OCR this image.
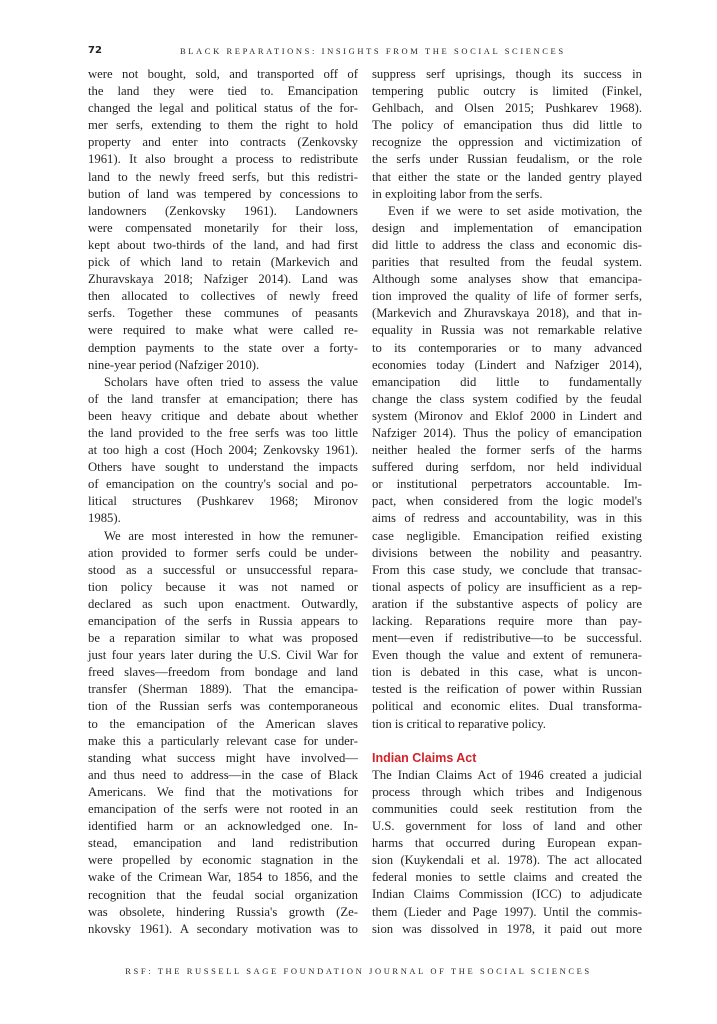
72	BLACK REPARATIONS: INSIGHTS FROM THE SOCIAL SCIENCES
were not bought, sold, and transported off of
the land they were tied to. Emancipation
changed the legal and political status of the for-
mer serfs, extending to them the right to hold
property and enter into contracts (Zenkovsky
1961). It also brought a process to redistribute
land to the newly freed serfs, but this redistri-
bution of land was tempered by concessions to
landowners (Zenkovsky 1961). Landowners
were compensated monetarily for their loss,
kept about two-thirds of the land, and had first
pick of which land to retain (Markevich and
Zhuravskaya 2018; Nafziger 2014). Land was
then allocated to collectives of newly freed
serfs. Together these communes of peasants
were required to make what were called re-
demption payments to the state over a forty-
nine-year period (Nafziger 2010).
Scholars have often tried to assess the value
of the land transfer at emancipation; there has
been heavy critique and debate about whether
the land provided to the free serfs was too little
at too high a cost (Hoch 2004; Zenkovsky 1961).
Others have sought to understand the impacts
of emancipation on the country's social and po-
litical structures (Pushkarev 1968; Mironov
1985).
We are most interested in how the remuner-
ation provided to former serfs could be under-
stood as a successful or unsuccessful repara-
tion policy because it was not named or
declared as such upon enactment. Outwardly,
emancipation of the serfs in Russia appears to
be a reparation similar to what was proposed
just four years later during the U.S. Civil War for
freed slaves—freedom from bondage and land
transfer (Sherman 1889). That the emancipa-
tion of the Russian serfs was contemporaneous
to the emancipation of the American slaves
make this a particularly relevant case for under-
standing what success might have involved—
and thus need to address—in the case of Black
Americans. We find that the motivations for
emancipation of the serfs were not rooted in an
identified harm or an acknowledged one. In-
stead, emancipation and land redistribution
were propelled by economic stagnation in the
wake of the Crimean War, 1854 to 1856, and the
recognition that the feudal social organization
was obsolete, hindering Russia's growth (Ze-
nkovsky 1961). A secondary motivation was to
suppress serf uprisings, though its success in
tempering public outcry is limited (Finkel,
Gehlbach, and Olsen 2015; Pushkarev 1968).
The policy of emancipation thus did little to
recognize the oppression and victimization of
the serfs under Russian feudalism, or the role
that either the state or the landed gentry played
in exploiting labor from the serfs.
Even if we were to set aside motivation, the
design and implementation of emancipation
did little to address the class and economic dis-
parities that resulted from the feudal system.
Although some analyses show that emancipa-
tion improved the quality of life of former serfs,
(Markevich and Zhuravskaya 2018), and that in-
equality in Russia was not remarkable relative
to its contemporaries or to many advanced
economies today (Lindert and Nafziger 2014),
emancipation did little to fundamentally
change the class system codified by the feudal
system (Mironov and Eklof 2000 in Lindert and
Nafziger 2014). Thus the policy of emancipation
neither healed the former serfs of the harms
suffered during serfdom, nor held individual
or institutional perpetrators accountable. Im-
pact, when considered from the logic model's
aims of redress and accountability, was in this
case negligible. Emancipation reified existing
divisions between the nobility and peasantry.
From this case study, we conclude that transac-
tional aspects of policy are insufficient as a rep-
aration if the substantive aspects of policy are
lacking. Reparations require more than pay-
ment—even if redistributive—to be successful.
Even though the value and extent of remunera-
tion is debated in this case, what is uncon-
tested is the reification of power within Russian
political and economic elites. Dual transforma-
tion is critical to reparative policy.
Indian Claims Act
The Indian Claims Act of 1946 created a judicial
process through which tribes and Indigenous
communities could seek restitution from the
U.S. government for loss of land and other
harms that occurred during European expan-
sion (Kuykendali et al. 1978). The act allocated
federal monies to settle claims and created the
Indian Claims Commission (ICC) to adjudicate
them (Lieder and Page 1997). Until the commis-
sion was dissolved in 1978, it paid out more
RSF: THE RUSSELL SAGE FOUNDATION JOURNAL OF THE SOCIAL SCIENCES
